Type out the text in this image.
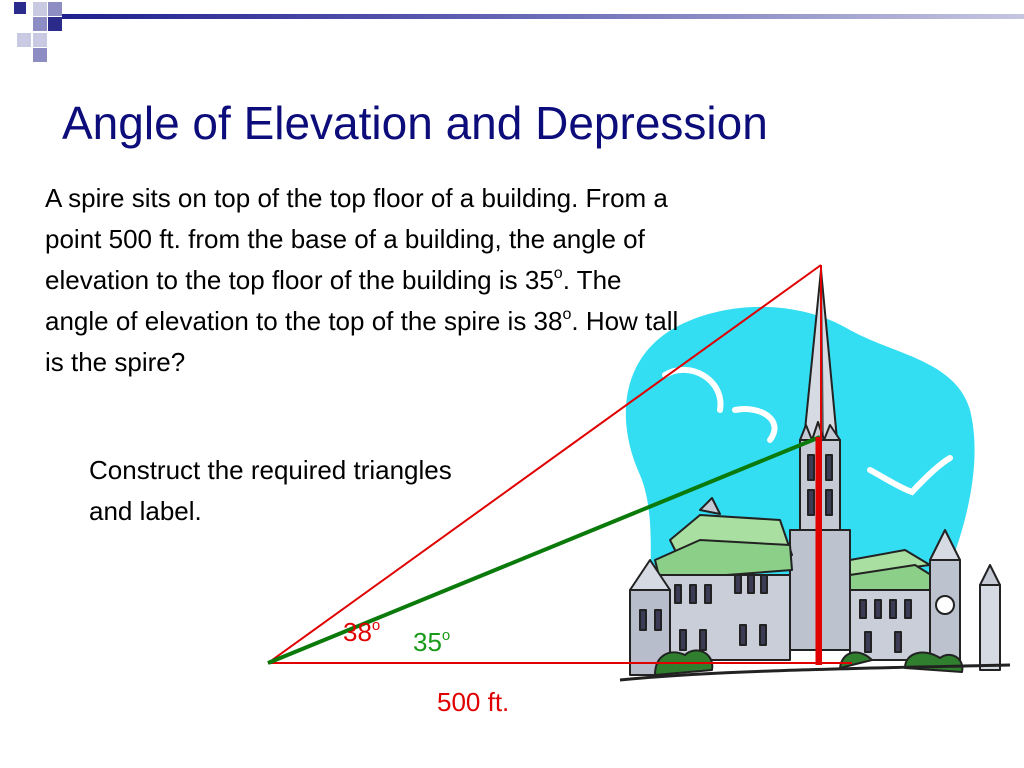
Angle of Elevation and Depression
A spire sits on top of the top floor of a building. From a point 500 ft. from the base of a building, the angle of elevation to the top floor of the building is 35$^o$. The angle of elevation to the top of the spire is 38$^o$. How tall is the spire?
Construct the required triangles and label.
38$^o$
35$^o$
500 ft.
